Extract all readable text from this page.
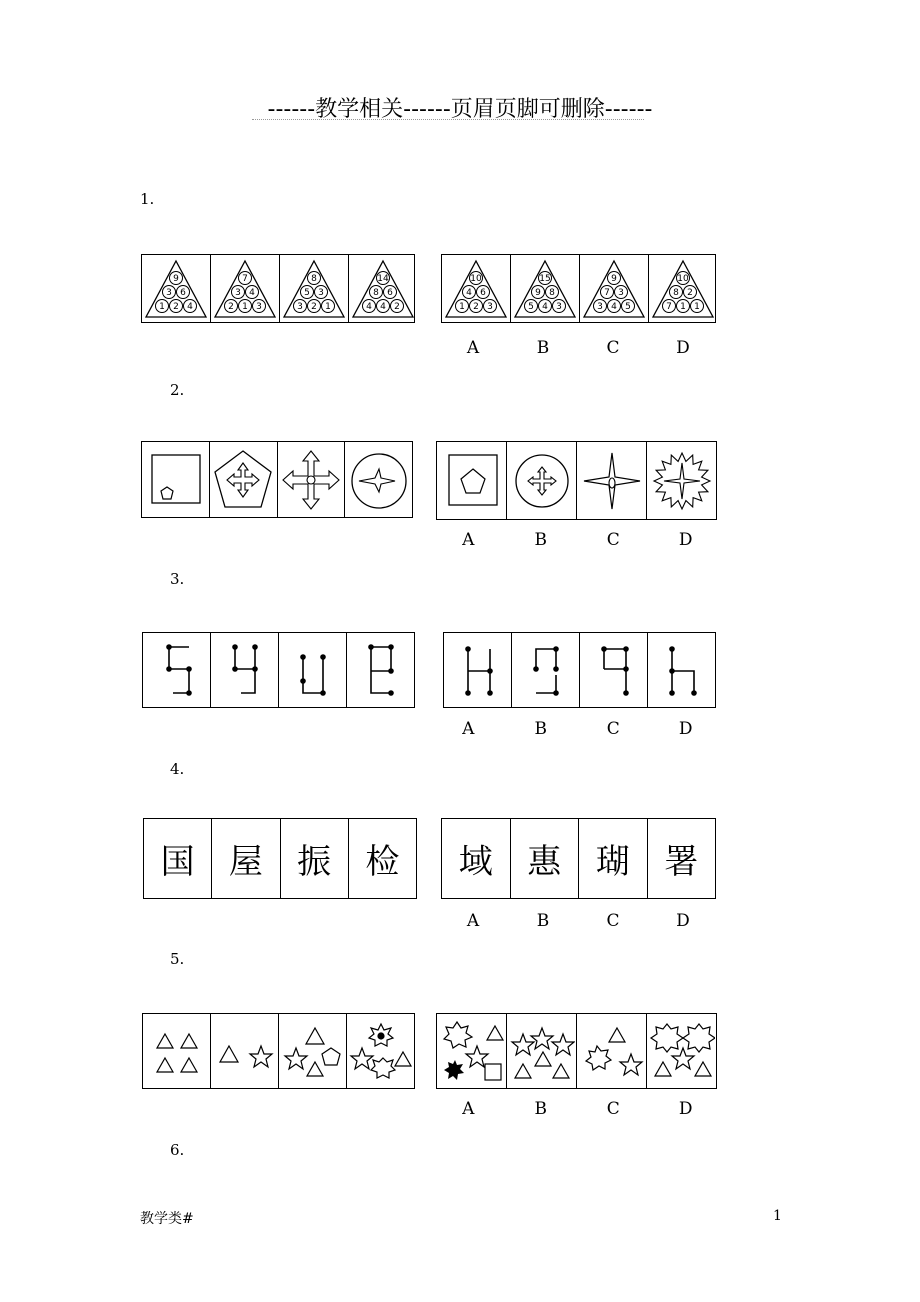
------教学相关------页眉页脚可删除------
1.
9
3 6
1 2 4
7
3 4
2 1 3
8
5 3
3 2 1
14
8 6
4 4 2
10
4 6
1 2 3
15
9 8
5 4 3
9
7 3
3 4 5
10
8 2
7 1 1
A	B	C	D
2.
A	B	C	D
3.
A	B	C	D
4.
国	屋	振	检	域	惠	瑚	署
A	B	C	D
5.
A	B	C	D
6.
教学类#	1
